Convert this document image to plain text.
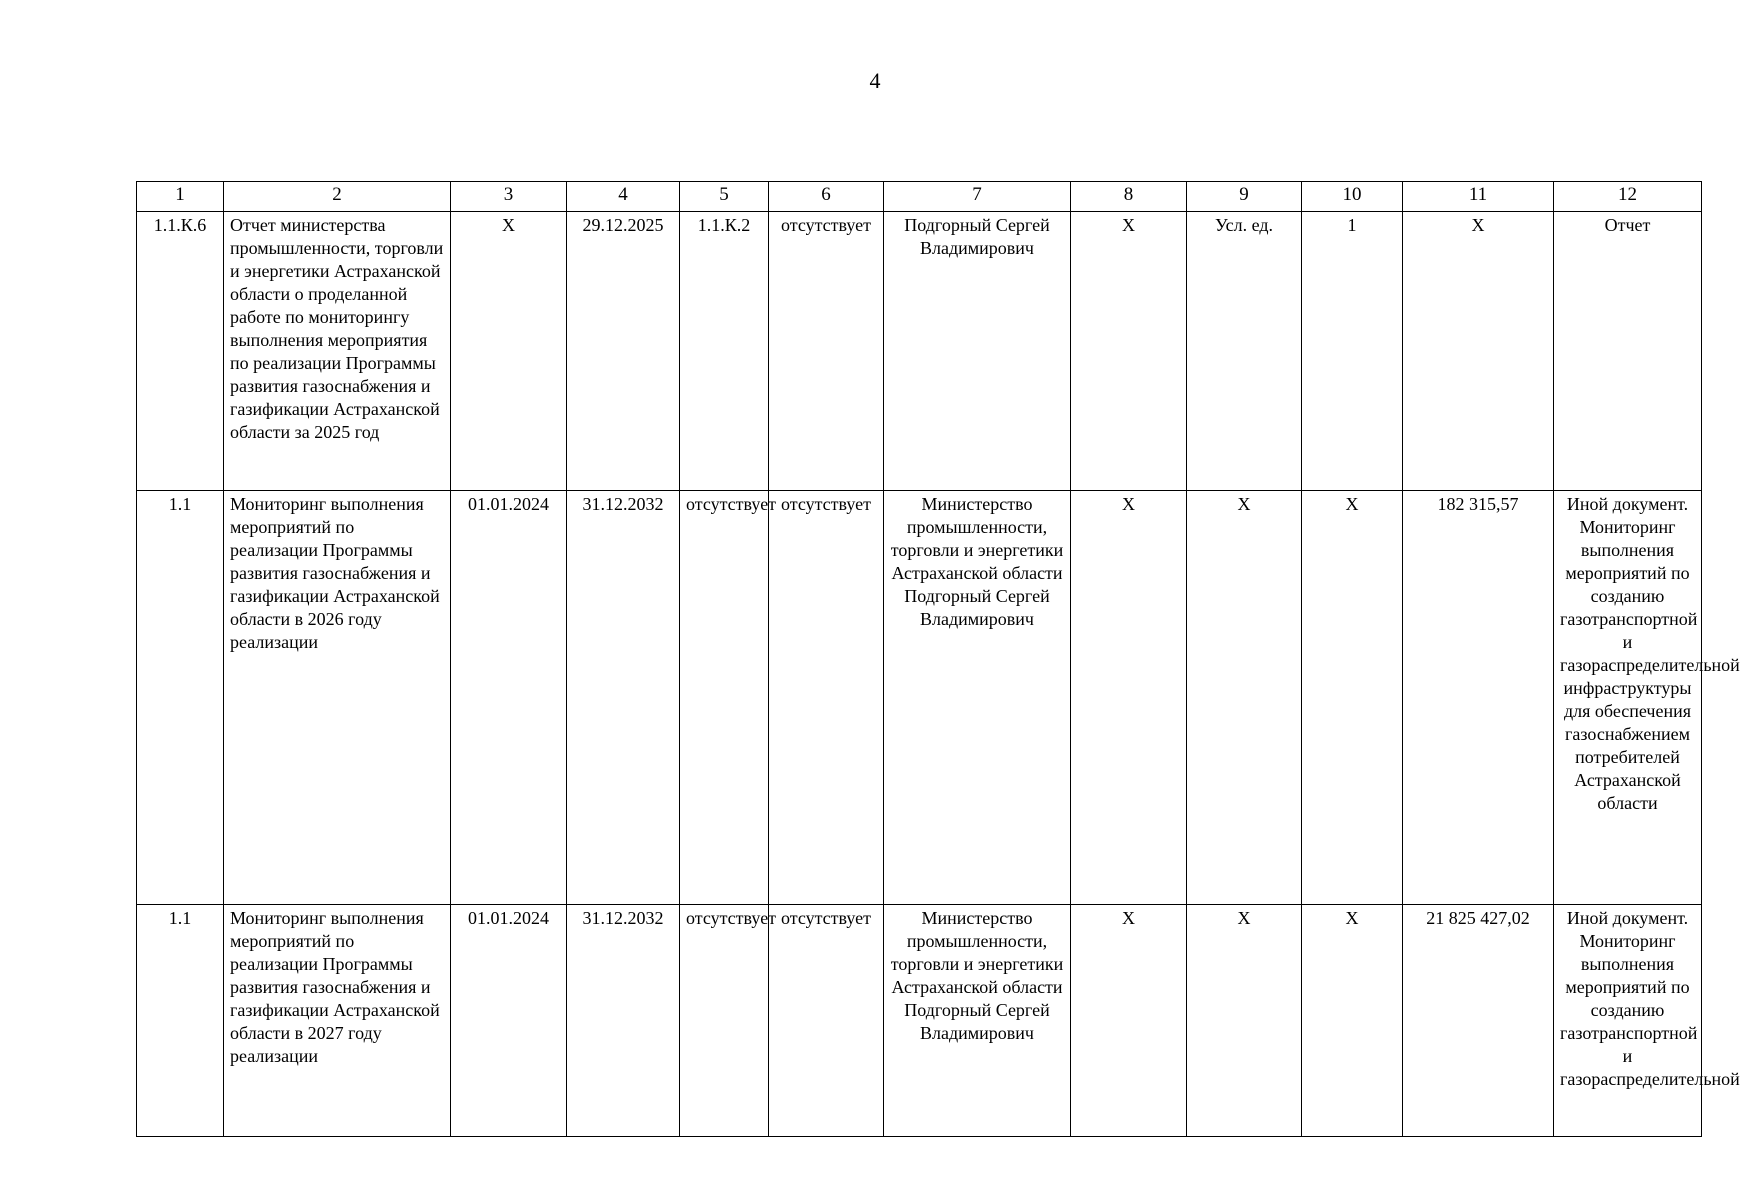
4
1	2	3	4	5	6	7	8	9	10	11	12
1.1.К.6	Отчет министерства промышленности, торговли и энергетики Астраханской области о проделанной работе по мониторингу выполнения мероприятия по реализации Программы развития газоснабжения и газификации Астраханской области за 2025 год	X	29.12.2025	1.1.К.2	отсутствует	Подгорный Сергей Владимирович	X	Усл. ед.	1	X	Отчет
1.1	Мониторинг выполнения мероприятий по реализации Программы развития газоснабжения и газификации Астраханской области в 2026 году реализации	01.01.2024	31.12.2032	отсутствует	отсутствует	Министерство промышленности, торговли и энергетики Астраханской области Подгорный Сергей Владимирович	X	X	X	182 315,57	Иной документ. Мониторинг выполнения мероприятий по созданию газотранспортной и газораспределительной инфраструктуры для обеспечения газоснабжением потребителей Астраханской области
1.1	Мониторинг выполнения мероприятий по реализации Программы развития газоснабжения и газификации Астраханской области в 2027 году реализации	01.01.2024	31.12.2032	отсутствует	отсутствует	Министерство промышленности, торговли и энергетики Астраханской области Подгорный Сергей Владимирович	X	X	X	21 825 427,02	Иной документ. Мониторинг выполнения мероприятий по созданию газотранспортной и газораспределительной
